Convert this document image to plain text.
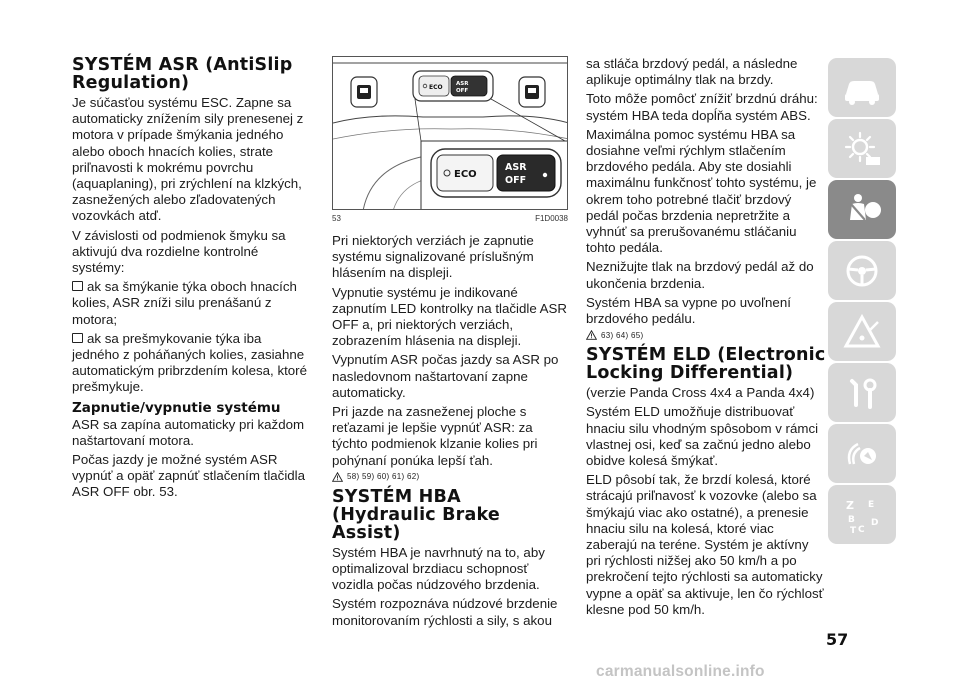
SYSTÉM ASR (AntiSlip Regulation)

Je súčasťou systému ESC. Zapne sa automaticky znížením sily prenesenej z motora v prípade šmýkania jedného alebo oboch hnacích kolies, strate priľnavosti k mokrému povrchu (aquaplaning), pri zrýchlení na klzkých, zasnežených alebo zľadovatených vozovkách atď.

V závislosti od podmienok šmyku sa aktivujú dva rozdielne kontrolné systémy:

ak sa šmýkanie týka oboch hnacích kolies, ASR zníži silu prenášanú z motora;

ak sa prešmykovanie týka iba jedného z poháňaných kolies, zasiahne automatickým pribrzdením kolesa, ktoré prešmykuje.

Zapnutie/vypnutie systému

ASR sa zapína automaticky pri každom naštartovaní motora.

Počas jazdy je možné systém ASR vypnúť a opäť zapnúť stlačením tlačidla ASR OFF obr. 53.

ECO ASR
OFF
ECO
ASR
OFF
53	F1D0038

Pri niektorých verziách je zapnutie systému signalizované príslušným hlásením na displeji.

Vypnutie systému je indikované zapnutím LED kontrolky na tlačidle ASR OFF a, pri niektorých verziách, zobrazením hlásenia na displeji.

Vypnutím ASR počas jazdy sa ASR po nasledovnom naštartovaní zapne automaticky.

Pri jazde na zasneženej ploche s reťazami je lepšie vypnúť ASR: za týchto podmienok klzanie kolies pri pohýnaní ponúka lepší ťah.

58) 59) 60) 61) 62)
SYSTÉM HBA (Hydraulic Brake Assist)

Systém HBA je navrhnutý na to, aby optimalizoval brzdiacu schopnosť vozidla počas núdzového brzdenia.

Systém rozpoznáva núdzové brzdenie monitorovaním rýchlosti a sily, s akou

sa stláča brzdový pedál, a následne aplikuje optimálny tlak na brzdy.

Toto môže pomôcť znížiť brzdnú dráhu: systém HBA teda dopĺňa systém ABS.

Maximálna pomoc systému HBA sa dosiahne veľmi rýchlym stlačením brzdového pedála. Aby ste dosiahli maximálnu funkčnosť tohto systému, je okrem toho potrebné tlačiť brzdový pedál počas brzdenia nepretržite a vyhnúť sa prerušovanému stláčaniu tohto pedála.

Neznižujte tlak na brzdový pedál až do ukončenia brzdenia.

Systém HBA sa vypne po uvoľnení brzdového pedálu.

63) 64) 65)
SYSTÉM ELD (Electronic Locking Differential)

(verzie Panda Cross 4x4 a Panda 4x4)

Systém ELD umožňuje distribuovať hnaciu silu vhodným spôsobom v rámci vlastnej osi, keď sa začnú jedno alebo obidve kolesá šmýkať.

ELD pôsobí tak, že brzdí kolesá, ktoré strácajú priľnavosť k vozovke (alebo sa šmýkajú viac ako ostatné), a prenesie hnaciu silu na kolesá, ktoré viac zaberajú na teréne. Systém je aktívny pri rýchlosti nižšej ako 50 km/h a po prekročení tejto rýchlosti sa automaticky vypne a opäť sa aktivuje, len čo rýchlosť klesne pod 50 km/h.

Z E
B
C
T
D
57
carmanualsonline.info
